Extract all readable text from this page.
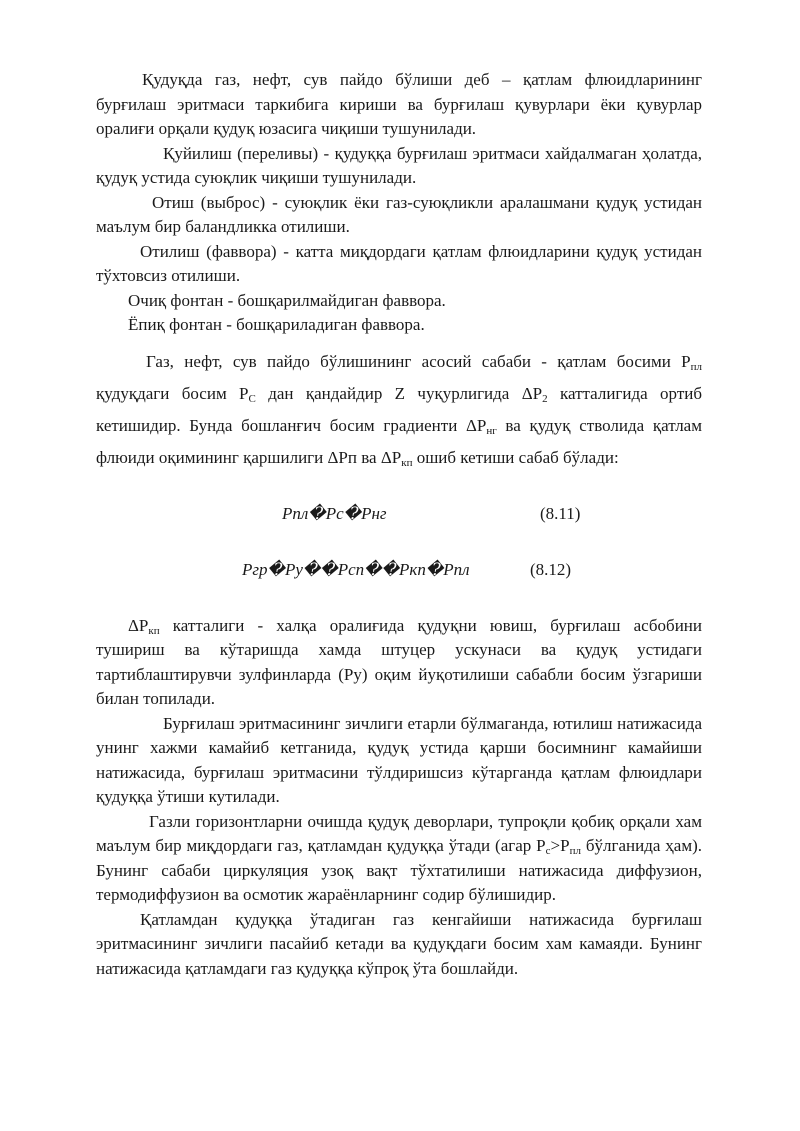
Қудуқда газ, нефт, сув пайдо бўлиши деб – қатлам флюидларининг бурғилаш эритмаси таркибига кириши ва бурғилаш қувурлари ёки қувурлар оралиғи орқали қудуқ юзасига чиқиши тушунилади.

Қуйилиш (переливы) - қудуққа бурғилаш эритмаси хайдалмаган ҳолатда, қудуқ устида суюқлик чиқиши тушунилади.

Отиш (выброс) - суюқлик ёки газ-суюқликли аралашмани қудуқ устидан маълум бир баландликка отилиши.

Отилиш (фаввора) - катта миқдордаги қатлам флюидларини қудуқ устидан тўхтовсиз отилиши.

Очиқ фонтан - бошқарилмайдиган фаввора.

Ёпиқ фонтан - бошқариладиган фаввора.

Газ, нефт, сув пайдо бўлишининг асосий сабаби - қатлам босими $P_{пл}$ қудуқдаги босим $P_С$ дан қандайдир Z чуқурлигида $\Delta P_2$ катталигида ортиб кетишидир. Бунда бошланғич босим градиенти $\Delta P_{нг}$ ва қудуқ стволида қатлам флюиди оқимининг қаршилиги ΔPп ва $\Delta P_{кп}$ ошиб кетиши сабаб бўлади:

Pпл�Pс�Pнг	(8.11)
Pгр�Pу��Pсп��Pкп�Pпл	(8.12)

$\Delta P_{кп}$ катталиги - халқа оралиғида қудуқни ювиш, бурғилаш асбобини тушириш ва кўтаришда хамда штуцер ускунаси ва қудуқ устидаги тартиблаштирувчи зулфинларда (Ру) оқим йуқотилиши сабабли босим ўзгариши билан топилади.

Бурғилаш эритмасининг зичлиги етарли бўлмаганда, ютилиш натижасида унинг хажми камайиб кетганида, қудуқ устида қарши босимнинг камайиши натижасида, бурғилаш эритмасини тўлдиришсиз кўтарганда қатлам флюидлари қудуққа ўтиши кутилади.

Газли горизонтларни очишда қудуқ деворлари, тупроқли қобиқ орқали хам маълум бир миқдордаги газ, қатламдан қудуққа ўтади (агар $P_с>P_{пл}$ бўлганида ҳам). Бунинг сабаби циркуляция узоқ вақт тўхтатилиши натижасида диффузион, термодиффузион ва осмотик жараёнларнинг содир бўлишидир.

Қатламдан қудуққа ўтадиган газ кенгайиши натижасида бурғилаш эритмасининг зичлиги пасайиб кетади ва қудуқдаги босим хам камаяди. Бунинг натижасида қатламдаги газ қудуққа кўпроқ ўта бошлайди.
